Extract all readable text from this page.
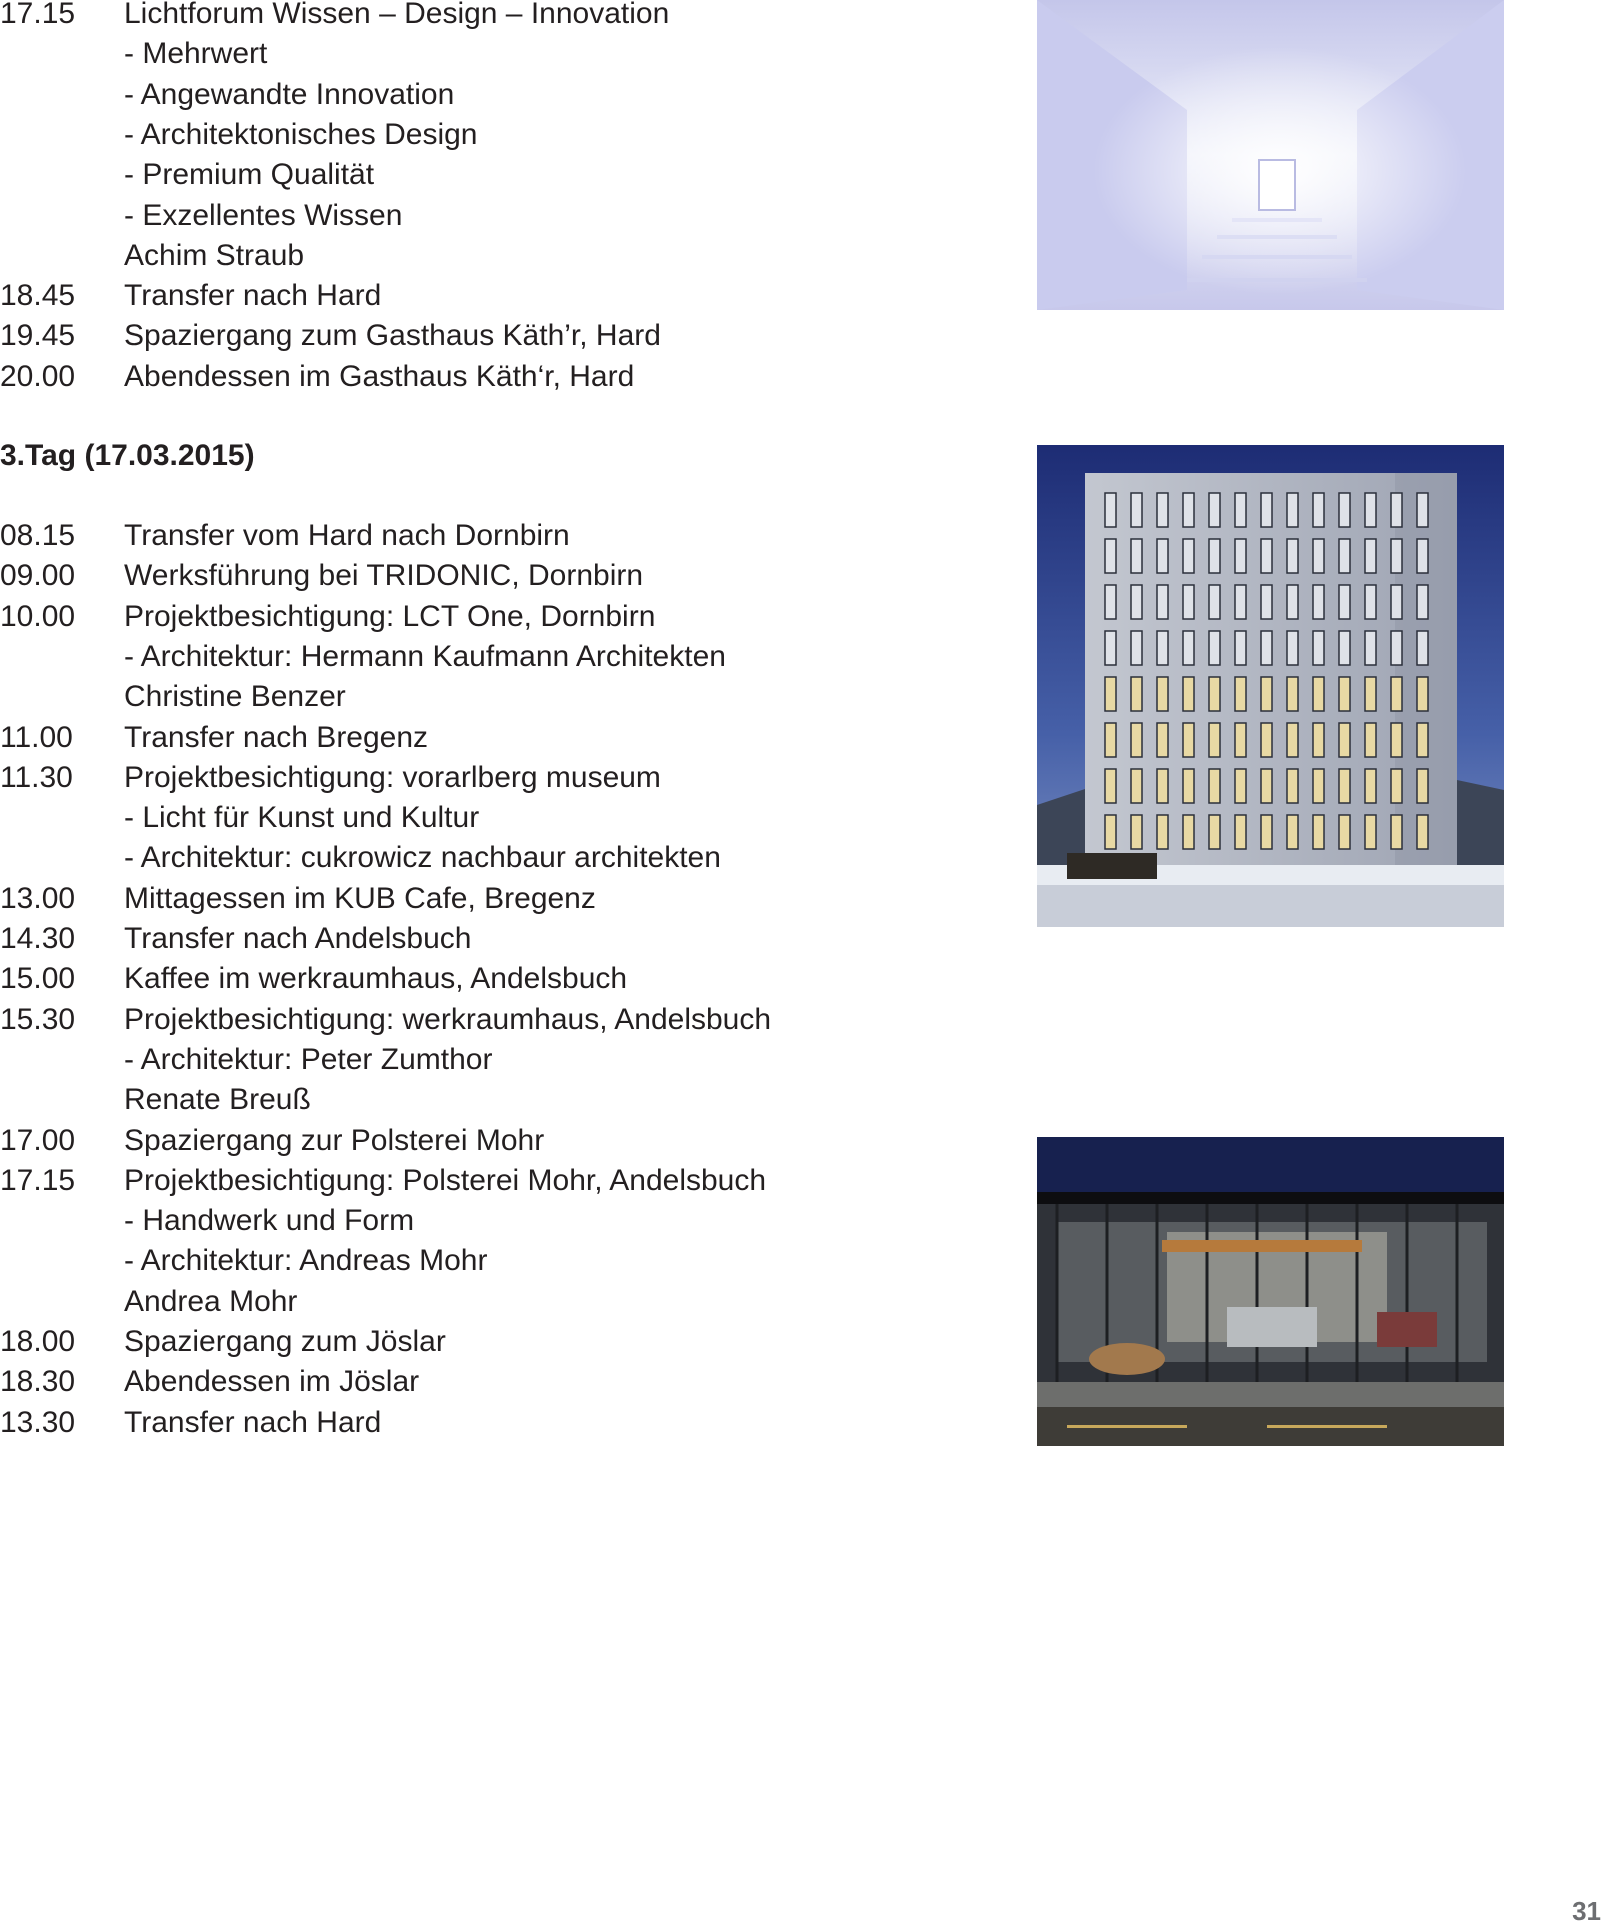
17.15	Lichtforum Wissen – Design – Innovation
- Mehrwert
- Angewandte Innovation
- Architektonisches Design
- Premium Qualität
- Exzellentes Wissen
Achim Straub
18.45	Transfer nach Hard
19.45	Spaziergang zum Gasthaus Käth’r, Hard
20.00	Abendessen im Gasthaus Käth‘r, Hard
3.Tag (17.03.2015)
08.15	Transfer vom Hard nach Dornbirn
09.00	Werksführung bei TRIDONIC, Dornbirn
10.00	Projektbesichtigung: LCT One, Dornbirn
- Architektur: Hermann Kaufmann Architekten
Christine Benzer
11.00	Transfer nach Bregenz
11.30	Projektbesichtigung: vorarlberg museum
- Licht für Kunst und Kultur
- Architektur: cukrowicz nachbaur architekten
13.00	Mittagessen im KUB Cafe, Bregenz
14.30	Transfer nach Andelsbuch
15.00	Kaffee im werkraumhaus, Andelsbuch
15.30	Projektbesichtigung: werkraumhaus, Andelsbuch
- Architektur: Peter Zumthor
Renate Breuß
17.00	Spaziergang zur Polsterei Mohr
17.15	Projektbesichtigung: Polsterei Mohr, Andelsbuch
- Handwerk und Form
- Architektur: Andreas Mohr
Andrea Mohr
18.00	Spaziergang zum Jöslar
18.30	Abendessen im Jöslar
13.30	Transfer nach Hard
31
